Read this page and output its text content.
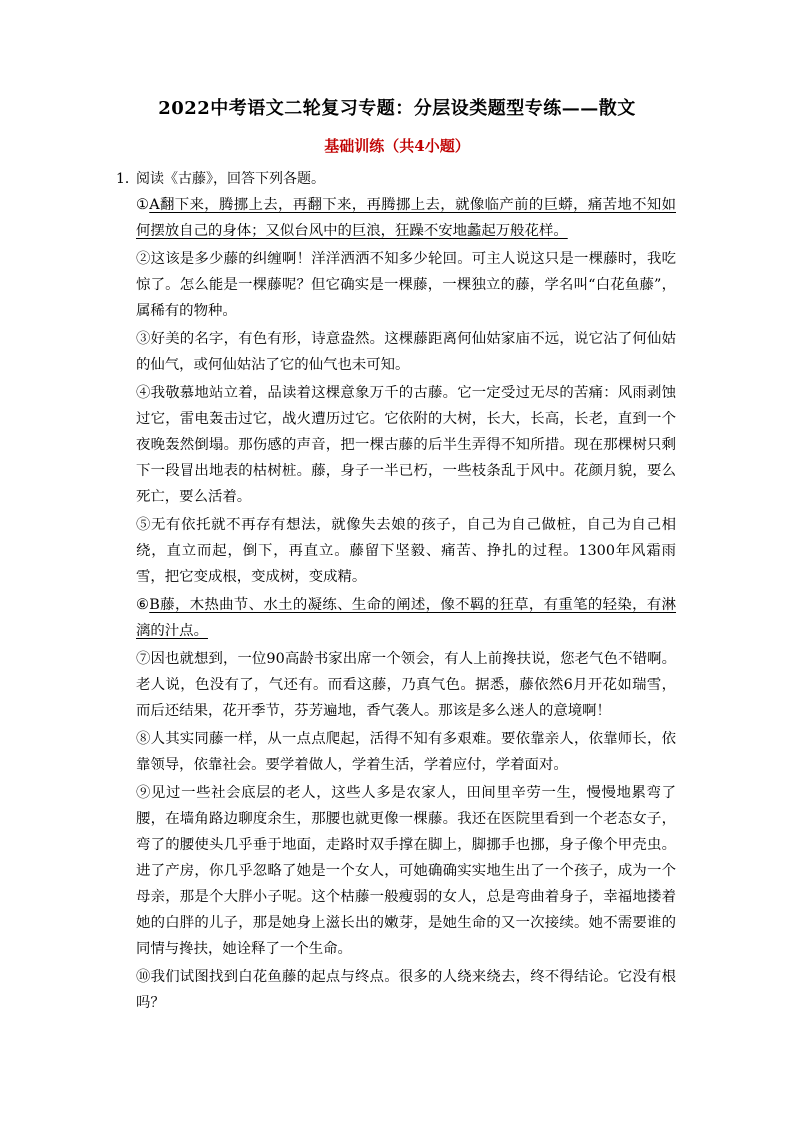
2022中考语文二轮复习专题：分层设类题型专练——散文
基础训练（共4小题）
1．阅读《古藤》，回答下列各题。

①A翻下来，腾挪上去，再翻下来，再腾挪上去，就像临产前的巨蟒，痛苦地不知如何摆放自己的身体；又似台风中的巨浪，狂躁不安地蠡起万般花样。

②这该是多少藤的纠缠啊！洋洋洒洒不知多少轮回。可主人说这只是一棵藤时，我吃惊了。怎么能是一棵藤呢？但它确实是一棵藤，一棵独立的藤，学名叫“白花鱼藤”，属稀有的物种。

③好美的名字，有色有形，诗意盎然。这棵藤距离何仙姑家庙不远，说它沾了何仙姑的仙气，或何仙姑沾了它的仙气也未可知。

④我敬慕地站立着，品读着这棵意象万千的古藤。它一定受过无尽的苦痛：风雨剥蚀过它，雷电轰击过它，战火遭历过它。它依附的大树，长大，长高，长老，直到一个夜晚轰然倒塌。那伤感的声音，把一棵古藤的后半生弄得不知所措。现在那棵树只剩下一段冒出地表的枯树桩。藤，身子一半已朽，一些枝条乱于风中。花颜月貌，要么死亡，要么活着。

⑤无有依托就不再存有想法，就像失去娘的孩子，自己为自己做桩，自己为自己相绕，直立而起，倒下，再直立。藤留下坚毅、痛苦、挣扎的过程。1300年风霜雨雪，把它变成根，变成树，变成精。

⑥B藤，木热曲节、水土的凝练、生命的阐述，像不羁的狂草，有重笔的轻染，有淋漓的汁点。

⑦因也就想到，一位90高龄书家出席一个领会，有人上前搀扶说，您老气色不错啊。老人说，色没有了，气还有。而看这藤，乃真气色。据悉，藤依然6月开花如瑞雪，而后还结果，花开季节，芬芳遍地，香气袭人。那该是多么迷人的意境啊！

⑧人其实同藤一样，从一点点爬起，活得不知有多艰难。要依靠亲人，依靠师长，依靠领导，依靠社会。要学着做人，学着生活，学着应付，学着面对。

⑨见过一些社会底层的老人，这些人多是农家人，田间里辛劳一生，慢慢地累弯了腰，在墙角路边聊度余生，那腰也就更像一棵藤。我还在医院里看到一个老态女子，弯了的腰使头几乎垂于地面，走路时双手撑在脚上，脚挪手也挪，身子像个甲壳虫。进了产房，你几乎忽略了她是一个女人，可她确确实实地生出了一个孩子，成为一个母亲，那是个大胖小子呢。这个枯藤一般瘦弱的女人，总是弯曲着身子，幸福地搂着她的白胖的儿子，那是她身上滋长出的嫩芽，是她生命的又一次接续。她不需要谁的同情与搀扶，她诠释了一个生命。

⑩我们试图找到白花鱼藤的起点与终点。很多的人绕来绕去，终不得结论。它没有根吗？
